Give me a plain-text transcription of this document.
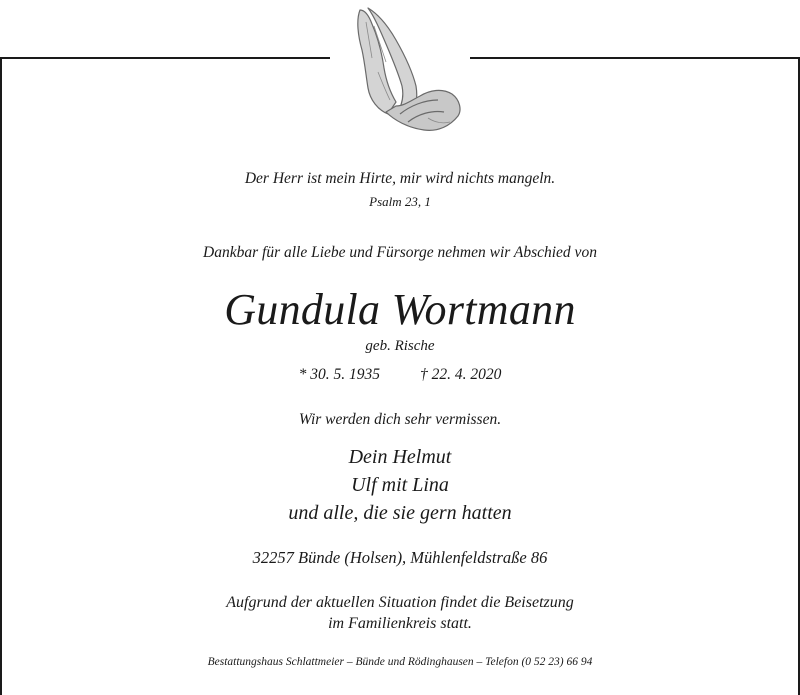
Der Herr ist mein Hirte, mir wird nichts mangeln.
Psalm 23, 1
Dankbar für alle Liebe und Fürsorge nehmen wir Abschied von
Gundula Wortmann
geb. Rische
* 30. 5. 1935	† 22. 4. 2020
Wir werden dich sehr vermissen.
Dein Helmut
Ulf mit Lina
und alle, die sie gern hatten
32257 Bünde (Holsen), Mühlenfeldstraße 86
Aufgrund der aktuellen Situation findet die Beisetzung
im Familienkreis statt.
Bestattungshaus Schlattmeier – Bünde und Rödinghausen – Telefon (0 52 23) 66 94
